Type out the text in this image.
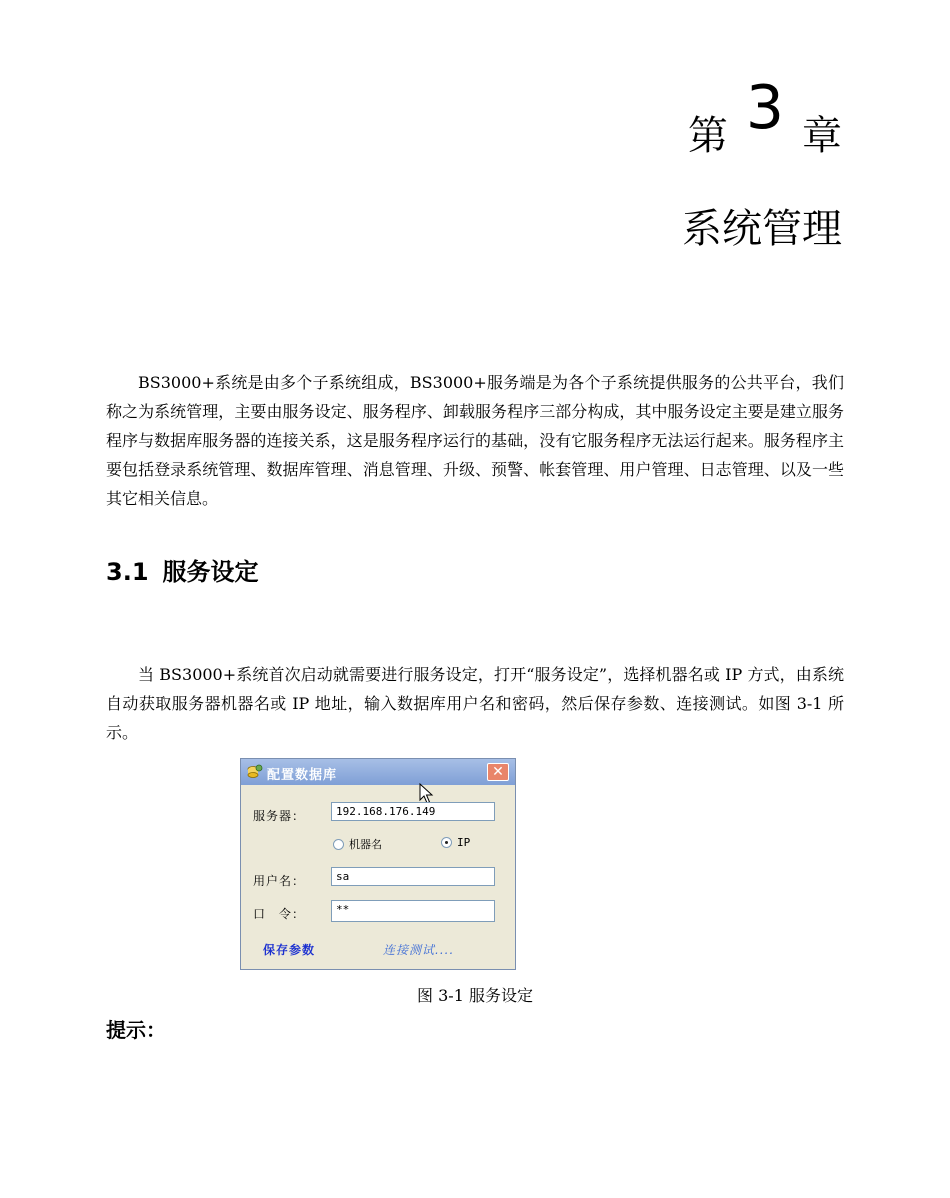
第 3 章
系统管理

BS3000+系统是由多个子系统组成，BS3000+服务端是为各个子系统提供服务的公共平台，我们称之为系统管理，主要由服务设定、服务程序、卸载服务程序三部分构成，其中服务设定主要是建立服务程序与数据库服务器的连接关系，这是服务程序运行的基础，没有它服务程序无法运行起来。服务程序主要包括登录系统管理、数据库管理、消息管理、升级、预警、帐套管理、用户管理、日志管理、以及一些其它相关信息。

3.1 服务设定

当 BS3000+系统首次启动就需要进行服务设定，打开“服务设定”，选择机器名或 IP 方式，由系统自动获取服务器机器名或 IP 地址，输入数据库用户名和密码，然后保存参数、连接测试。如图 3-1 所示。

配置数据库	✕
服务器：	192.168.176.149
机器名	IP
用户名：	sa
口　令：	**
保存参数	连接测试....
图 3-1 服务设定
提示：
